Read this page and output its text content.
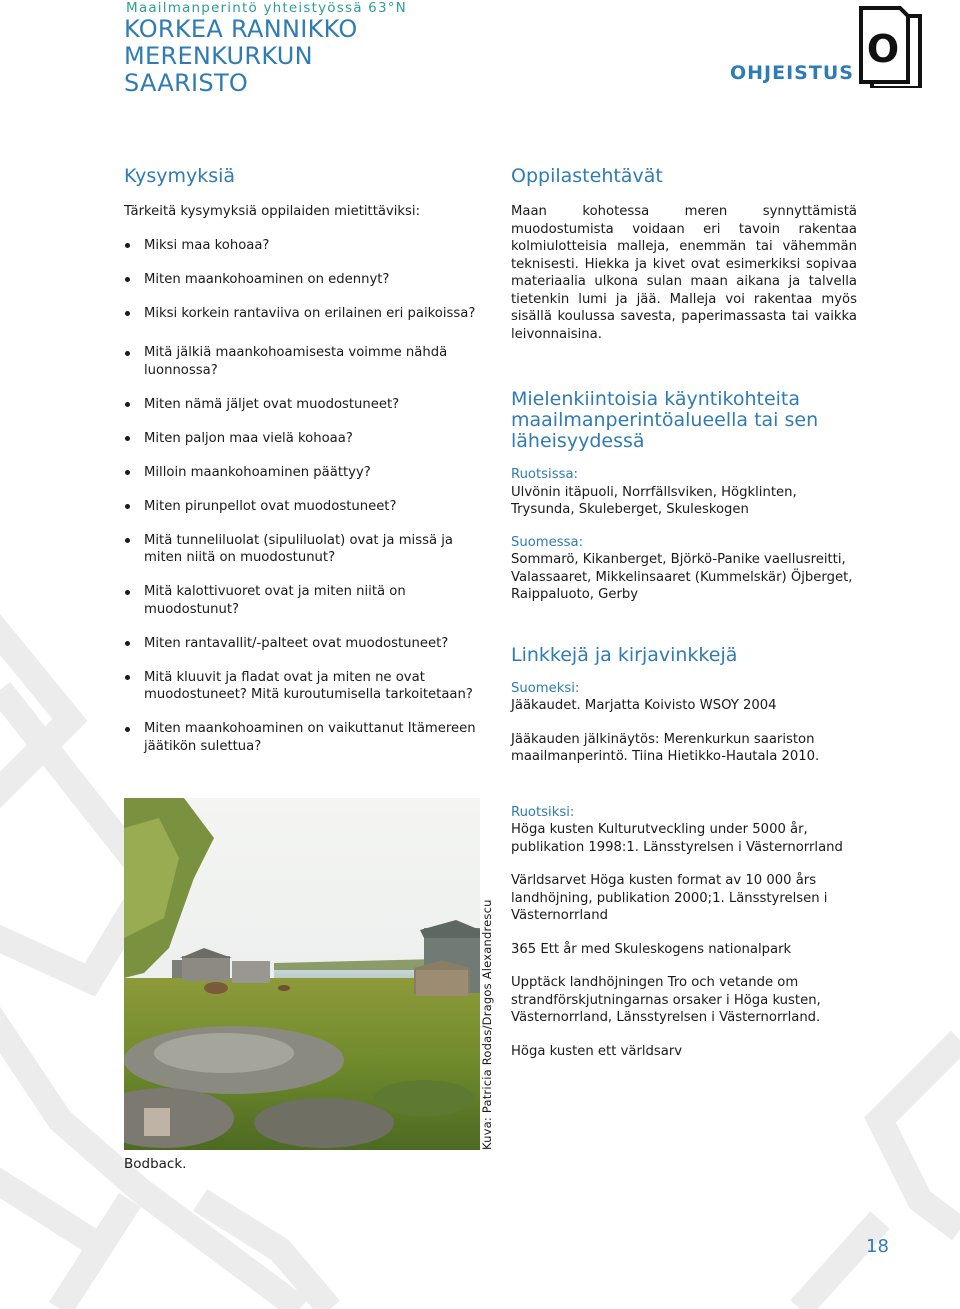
Maailmanperintö yhteistyössä 63°N
KORKEA RANNIKKO
MERENKURKUN
SAARISTO	OHJEISTUS
O
Kysymyksiä
Tärkeitä kysymyksiä oppilaiden mietittäviksi:
Miksi maa kohoaa?
Miten maankohoaminen on edennyt?
Miksi korkein rantaviiva on erilainen eri paikoissa?
Mitä jälkiä maankohoamisesta voimme nähdä luonnossa?
Miten nämä jäljet ovat muodostuneet?
Miten paljon maa vielä kohoaa?
Milloin maankohoaminen päättyy?
Miten pirunpellot ovat muodostuneet?
Mitä tunneliluolat (sipuliluolat) ovat ja missä ja miten niitä on muodostunut?
Mitä kalottivuoret ovat ja miten niitä on muodostunut?
Miten rantavallit/-palteet ovat muodostuneet?
Mitä kluuvit ja fladat ovat ja miten ne ovat muodostuneet? Mitä kuroutumisella tarkoitetaan?
Miten maankohoaminen on vaikuttanut Itämereen jäätikön sulettua?
Oppilastehtävät

Maan kohotessa meren synnyttämistä muodostumista voidaan eri tavoin rakentaa kolmiulotteisia malleja, enemmän tai vähemmän teknisesti. Hiekka ja kivet ovat esimerkiksi sopivaa materiaalia ulkona sulan maan aikana ja talvella tietenkin lumi ja jää. Malleja voi rakentaa myös sisällä koulussa savesta, paperimassasta tai vaikka leivonnaisina.

Mielenkiintoisia käyntikohteita maailmanperintöalueella tai sen läheisyydessä

Ruotsissa:

Ulvönin itäpuoli, Norrfällsviken, Högklinten, Trysunda, Skuleberget, Skuleskogen

Suomessa:

Sommarö, Kikanberget, Björkö-Panike vaellusreitti, Valassaaret, Mikkelinsaaret (Kummelskär) Öjberget, Raippaluoto, Gerby

Linkkejä ja kirjavinkkejä

Suomeksi:

Jääkaudet. Marjatta Koivisto WSOY 2004

Jääkauden jälkinäytös: Merenkurkun saariston maailmanperintö. Tiina Hietikko-Hautala 2010.

Ruotsiksi:

Höga kusten Kulturutveckling under 5000 år, publikation 1998:1. Länsstyrelsen i Västernorrland

Världsarvet Höga kusten format av 10 000 års landhöjning, publikation 2000;1. Länsstyrelsen i Västernorrland

365 Ett år med Skuleskogens nationalpark

Upptäck landhöjningen Tro och vetande om strandförskjutningarnas orsaker i Höga kusten, Västernorrland, Länsstyrelsen i Västernorrland.

Höga kusten ett världsarv

Kuva: Patricia Rodas/Dragos Alexandrescu
Bodback.
18
